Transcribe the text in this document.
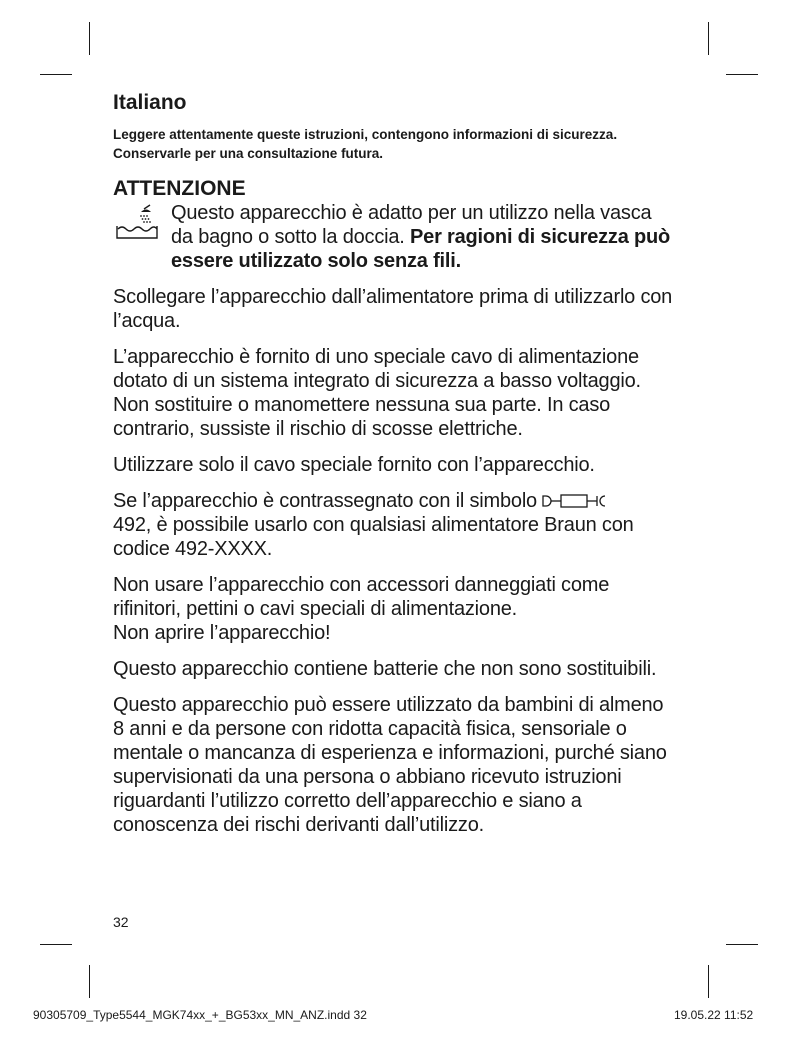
Italiano

Leggere attentamente queste istruzioni, contengono informazioni di sicurezza.
Conservarle per una consultazione futura.

ATTENZIONE
Questo apparecchio è adatto per un utilizzo nella vasca da bagno o sotto la doccia. Per ragioni di sicurezza può essere utilizzato solo senza fili.

Scollegare l’apparecchio dall’alimentatore prima di utilizzarlo con l’acqua.

L’apparecchio è fornito di uno speciale cavo di alimentazione dotato di un sistema integrato di sicurezza a basso voltaggio. Non sostituire o manomettere nessuna sua parte. In caso contrario, sussiste il rischio di scosse elettriche.

Utilizzare solo il cavo speciale fornito con l’apparecchio.

Se l’apparecchio è contrassegnato con il simbolo
492, è possibile usarlo con qualsiasi alimentatore Braun con codice 492-XXXX.

Non usare l’apparecchio con accessori danneggiati come rifinitori, pettini o cavi speciali di alimentazione.
Non aprire l’apparecchio!

Questo apparecchio contiene batterie che non sono sostituibili.

Questo apparecchio può essere utilizzato da bambini di almeno 8 anni e da persone con ridotta capacità fisica, sensoriale o mentale o mancanza di esperienza e informazioni, purché siano supervisionati da una persona o abbiano ricevuto istruzioni riguardanti l’utilizzo corretto dell’apparecchio e siano a conoscenza dei rischi derivanti dall’utilizzo.

32
90305709_Type5544_MGK74xx_+_BG53xx_MN_ANZ.indd 32	19.05.22 11:52
